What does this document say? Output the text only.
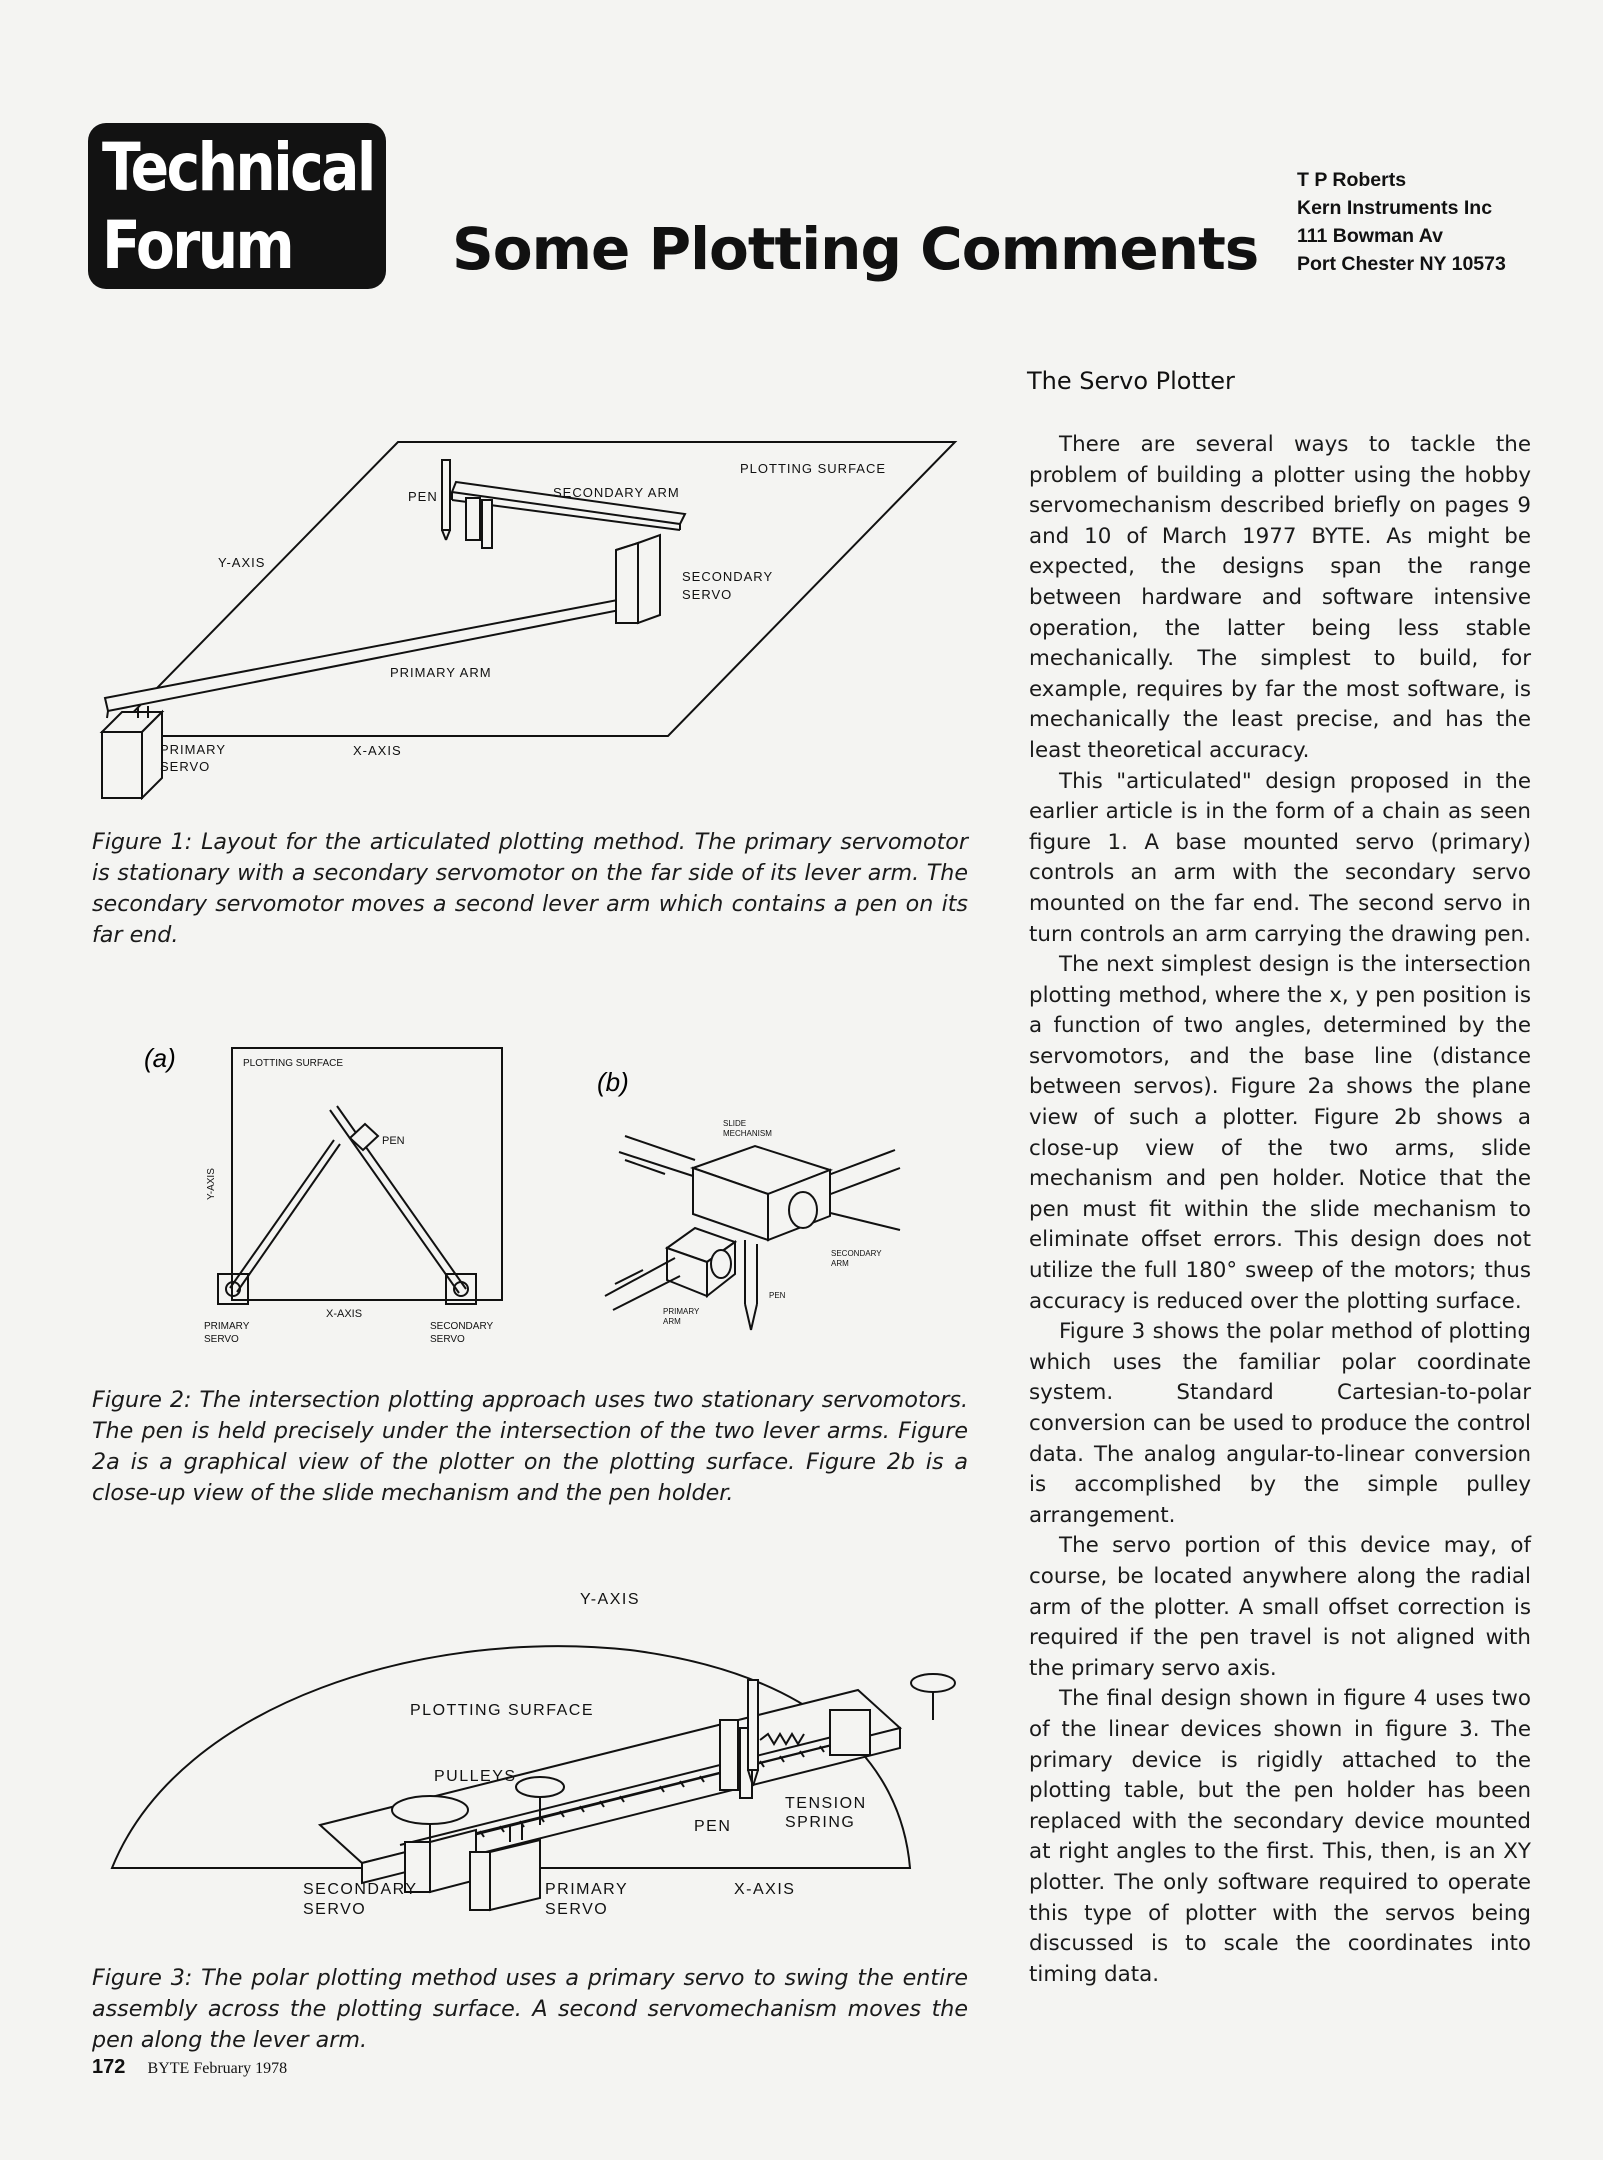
Technical
Forum	Some Plotting Comments
T P Roberts
Kern Instruments Inc
111 Bowman Av
Port Chester NY 10573
PLOTTING SURFACE
PEN	SECONDARY ARM
Y-AXIS
SECONDARY
SERVO
PRIMARY ARM
PRIMARY
SERVO
X-AXIS
Figure 1: Layout for the articulated plotting method. The primary servomotor is stationary with a secondary servomotor on the far side of its lever arm. The secondary servomotor moves a second lever arm which contains a pen on its far end.
(a)	PLOTTING SURFACE
PEN
Y-AXIS
X-AXIS
PRIMARY
SERVO
SECONDARY
SERVO
(b)
SLIDE
MECHANISM
SECONDARY
ARM
PEN
PRIMARY
ARM
Figure 2: The intersection plotting approach uses two stationary servomotors. The pen is held precisely under the intersection of the two lever arms. Figure 2a is a graphical view of the plotter on the plotting surface. Figure 2b is a close-up view of the slide mechanism and the pen holder.
Y-AXIS
PLOTTING SURFACE
PULLEYS
TENSION
SPRING
PEN
SECONDARY
SERVO
PRIMARY
SERVO
X-AXIS
Figure 3: The polar plotting method uses a primary servo to swing the entire assembly across the plotting surface. A second servomechanism moves the pen along the lever arm.
The Servo Plotter

There are several ways to tackle the problem of building a plotter using the hobby servomechanism described briefly on pages 9 and 10 of March 1977 BYTE. As might be expected, the designs span the range between hardware and software intensive operation, the latter being less stable mechanically. The simplest to build, for example, requires by far the most software, is mechanically the least precise, and has the least theoretical accuracy.

This "articulated" design proposed in the earlier article is in the form of a chain as seen figure 1. A base mounted servo (primary) controls an arm with the secondary servo mounted on the far end. The second servo in turn controls an arm carrying the drawing pen.

The next simplest design is the intersection plotting method, where the x, y pen position is a function of two angles, determined by the servomotors, and the base line (distance between servos). Figure 2a shows the plane view of such a plotter. Figure 2b shows a close-up view of the two arms, slide mechanism and pen holder. Notice that the pen must fit within the slide mechanism to eliminate offset errors. This design does not utilize the full 180° sweep of the motors; thus accuracy is reduced over the plotting surface.

Figure 3 shows the polar method of plotting which uses the familiar polar coordinate system. Standard Cartesian-to-polar conversion can be used to produce the control data. The analog angular-to-linear conversion is accomplished by the simple pulley arrangement.

The servo portion of this device may, of course, be located anywhere along the radial arm of the plotter. A small offset correction is required if the pen travel is not aligned with the primary servo axis.

The final design shown in figure 4 uses two of the linear devices shown in figure 3. The primary device is rigidly attached to the plotting table, but the pen holder has been replaced with the secondary device mounted at right angles to the first. This, then, is an XY plotter. The only software required to operate this type of plotter with the servos being discussed is to scale the coordinates into timing data.

172 BYTE February 1978
